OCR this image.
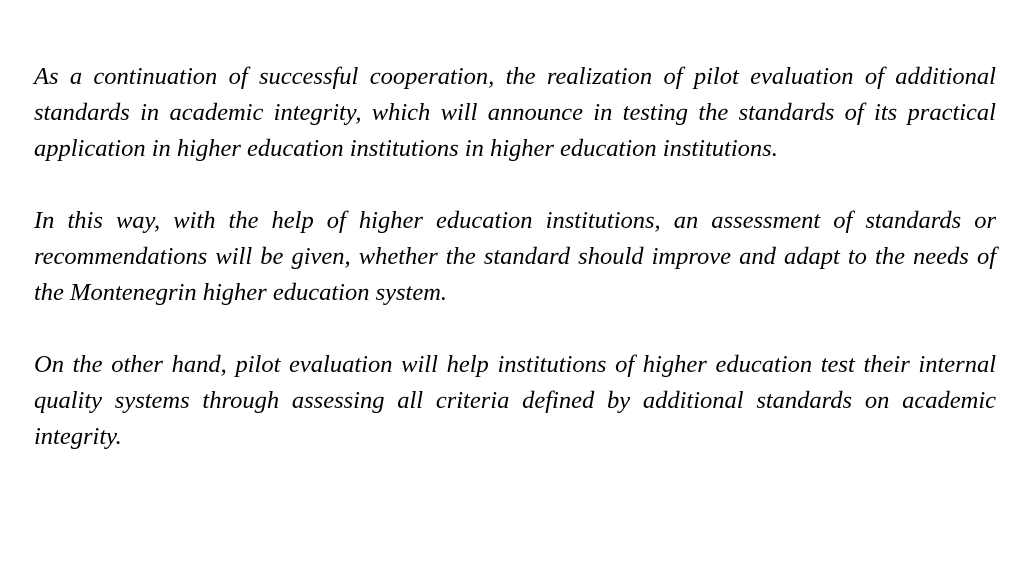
As a continuation of successful cooperation, the realization of pilot evaluation of additional standards in academic integrity, which will announce in testing the standards of its practical application in higher education institutions in higher education institutions.

In this way, with the help of higher education institutions, an assessment of standards or recommendations will be given, whether the standard should improve and adapt to the needs of the Montenegrin higher education system.

On the other hand, pilot evaluation will help institutions of higher education test their internal quality systems through assessing all criteria defined by additional standards on academic integrity.
